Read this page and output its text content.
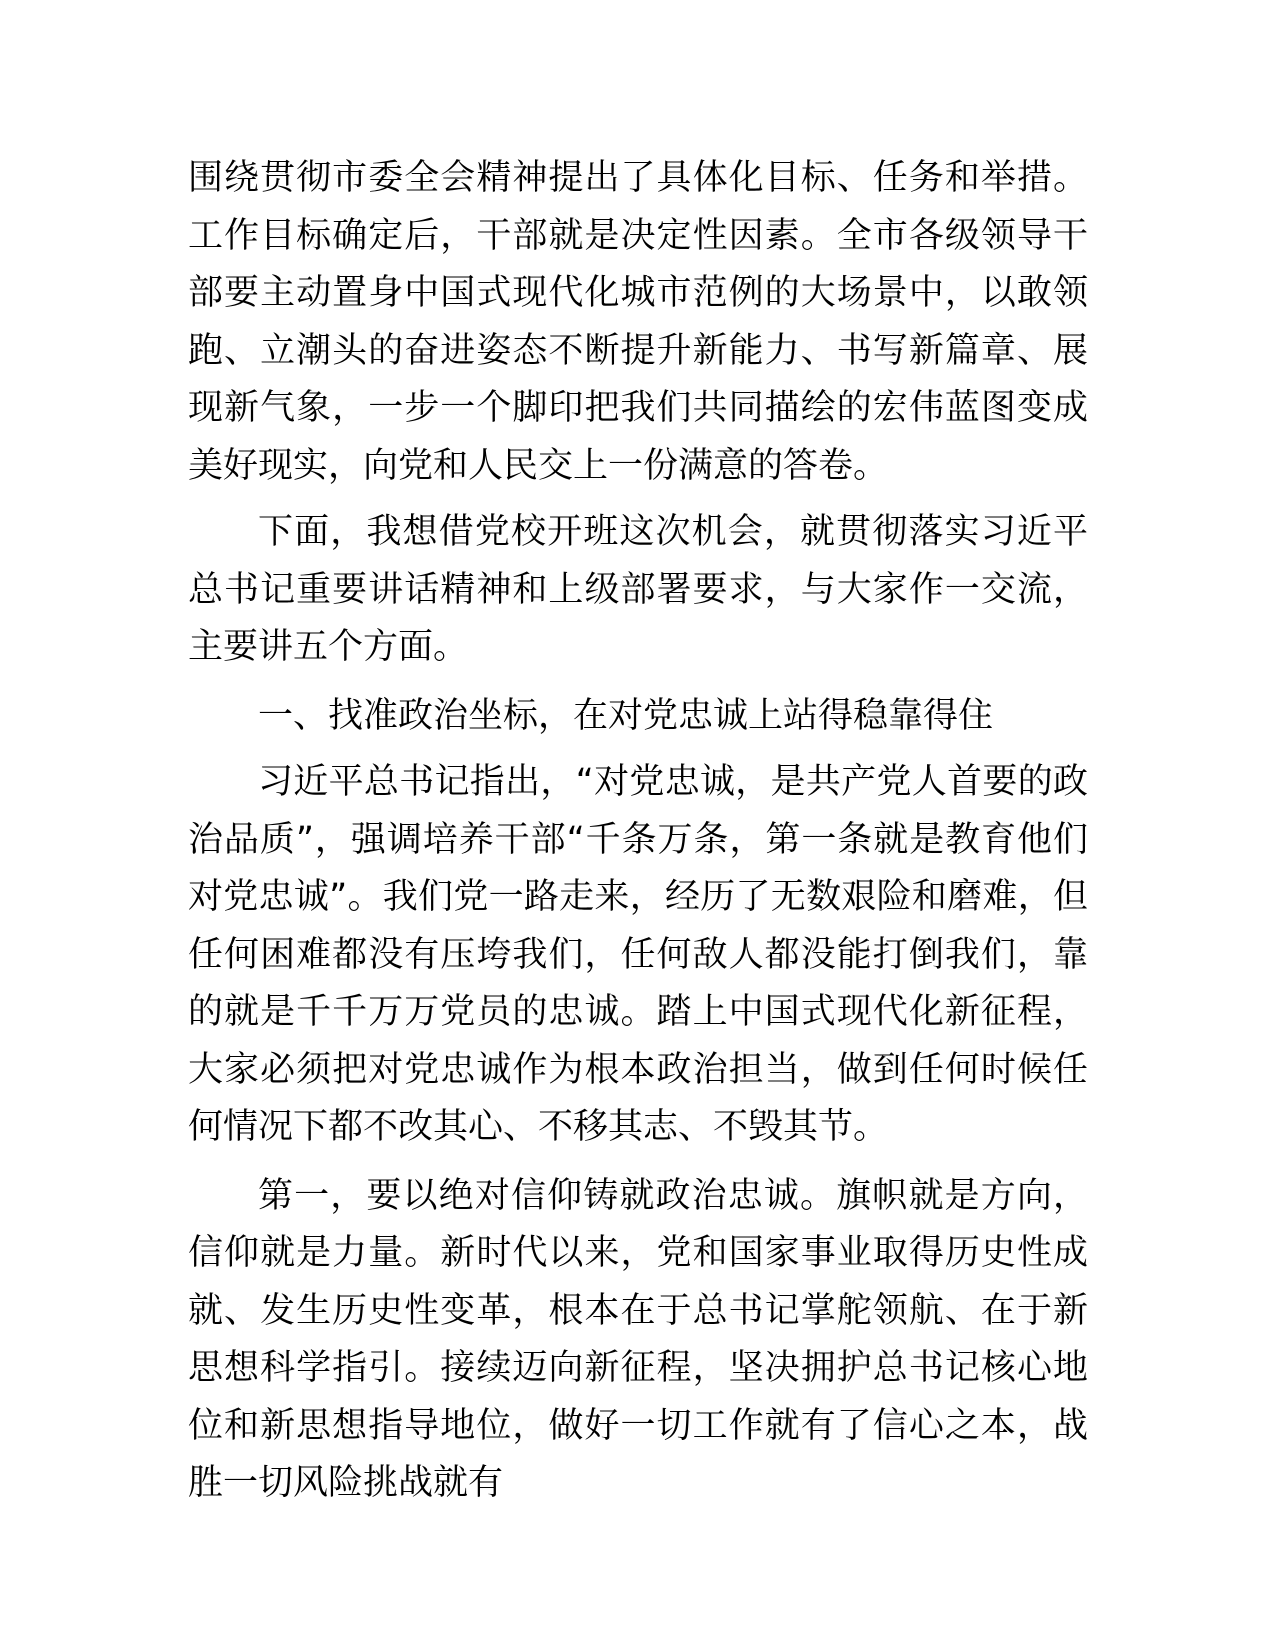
围绕贯彻市委全会精神提出了具体化目标、任务和举措。工作目标确定后，干部就是决定性因素。全市各级领导干部要主动置身中国式现代化城市范例的大场景中，以敢领跑、立潮头的奋进姿态不断提升新能力、书写新篇章、展现新气象，一步一个脚印把我们共同描绘的宏伟蓝图变成美好现实，向党和人民交上一份满意的答卷。

下面，我想借党校开班这次机会，就贯彻落实习近平总书记重要讲话精神和上级部署要求，与大家作一交流，主要讲五个方面。

一、找准政治坐标，在对党忠诚上站得稳靠得住

习近平总书记指出，“对党忠诚，是共产党人首要的政治品质”，强调培养干部“千条万条，第一条就是教育他们对党忠诚”。我们党一路走来，经历了无数艰险和磨难，但任何困难都没有压垮我们，任何敌人都没能打倒我们，靠的就是千千万万党员的忠诚。踏上中国式现代化新征程，大家必须把对党忠诚作为根本政治担当，做到任何时候任何情况下都不改其心、不移其志、不毁其节。

第一，要以绝对信仰铸就政治忠诚。旗帜就是方向，信仰就是力量。新时代以来，党和国家事业取得历史性成就、发生历史性变革，根本在于总书记掌舵领航、在于新思想科学指引。接续迈向新征程，坚决拥护总书记核心地位和新思想指导地位，做好一切工作就有了信心之本，战胜一切风险挑战就有
